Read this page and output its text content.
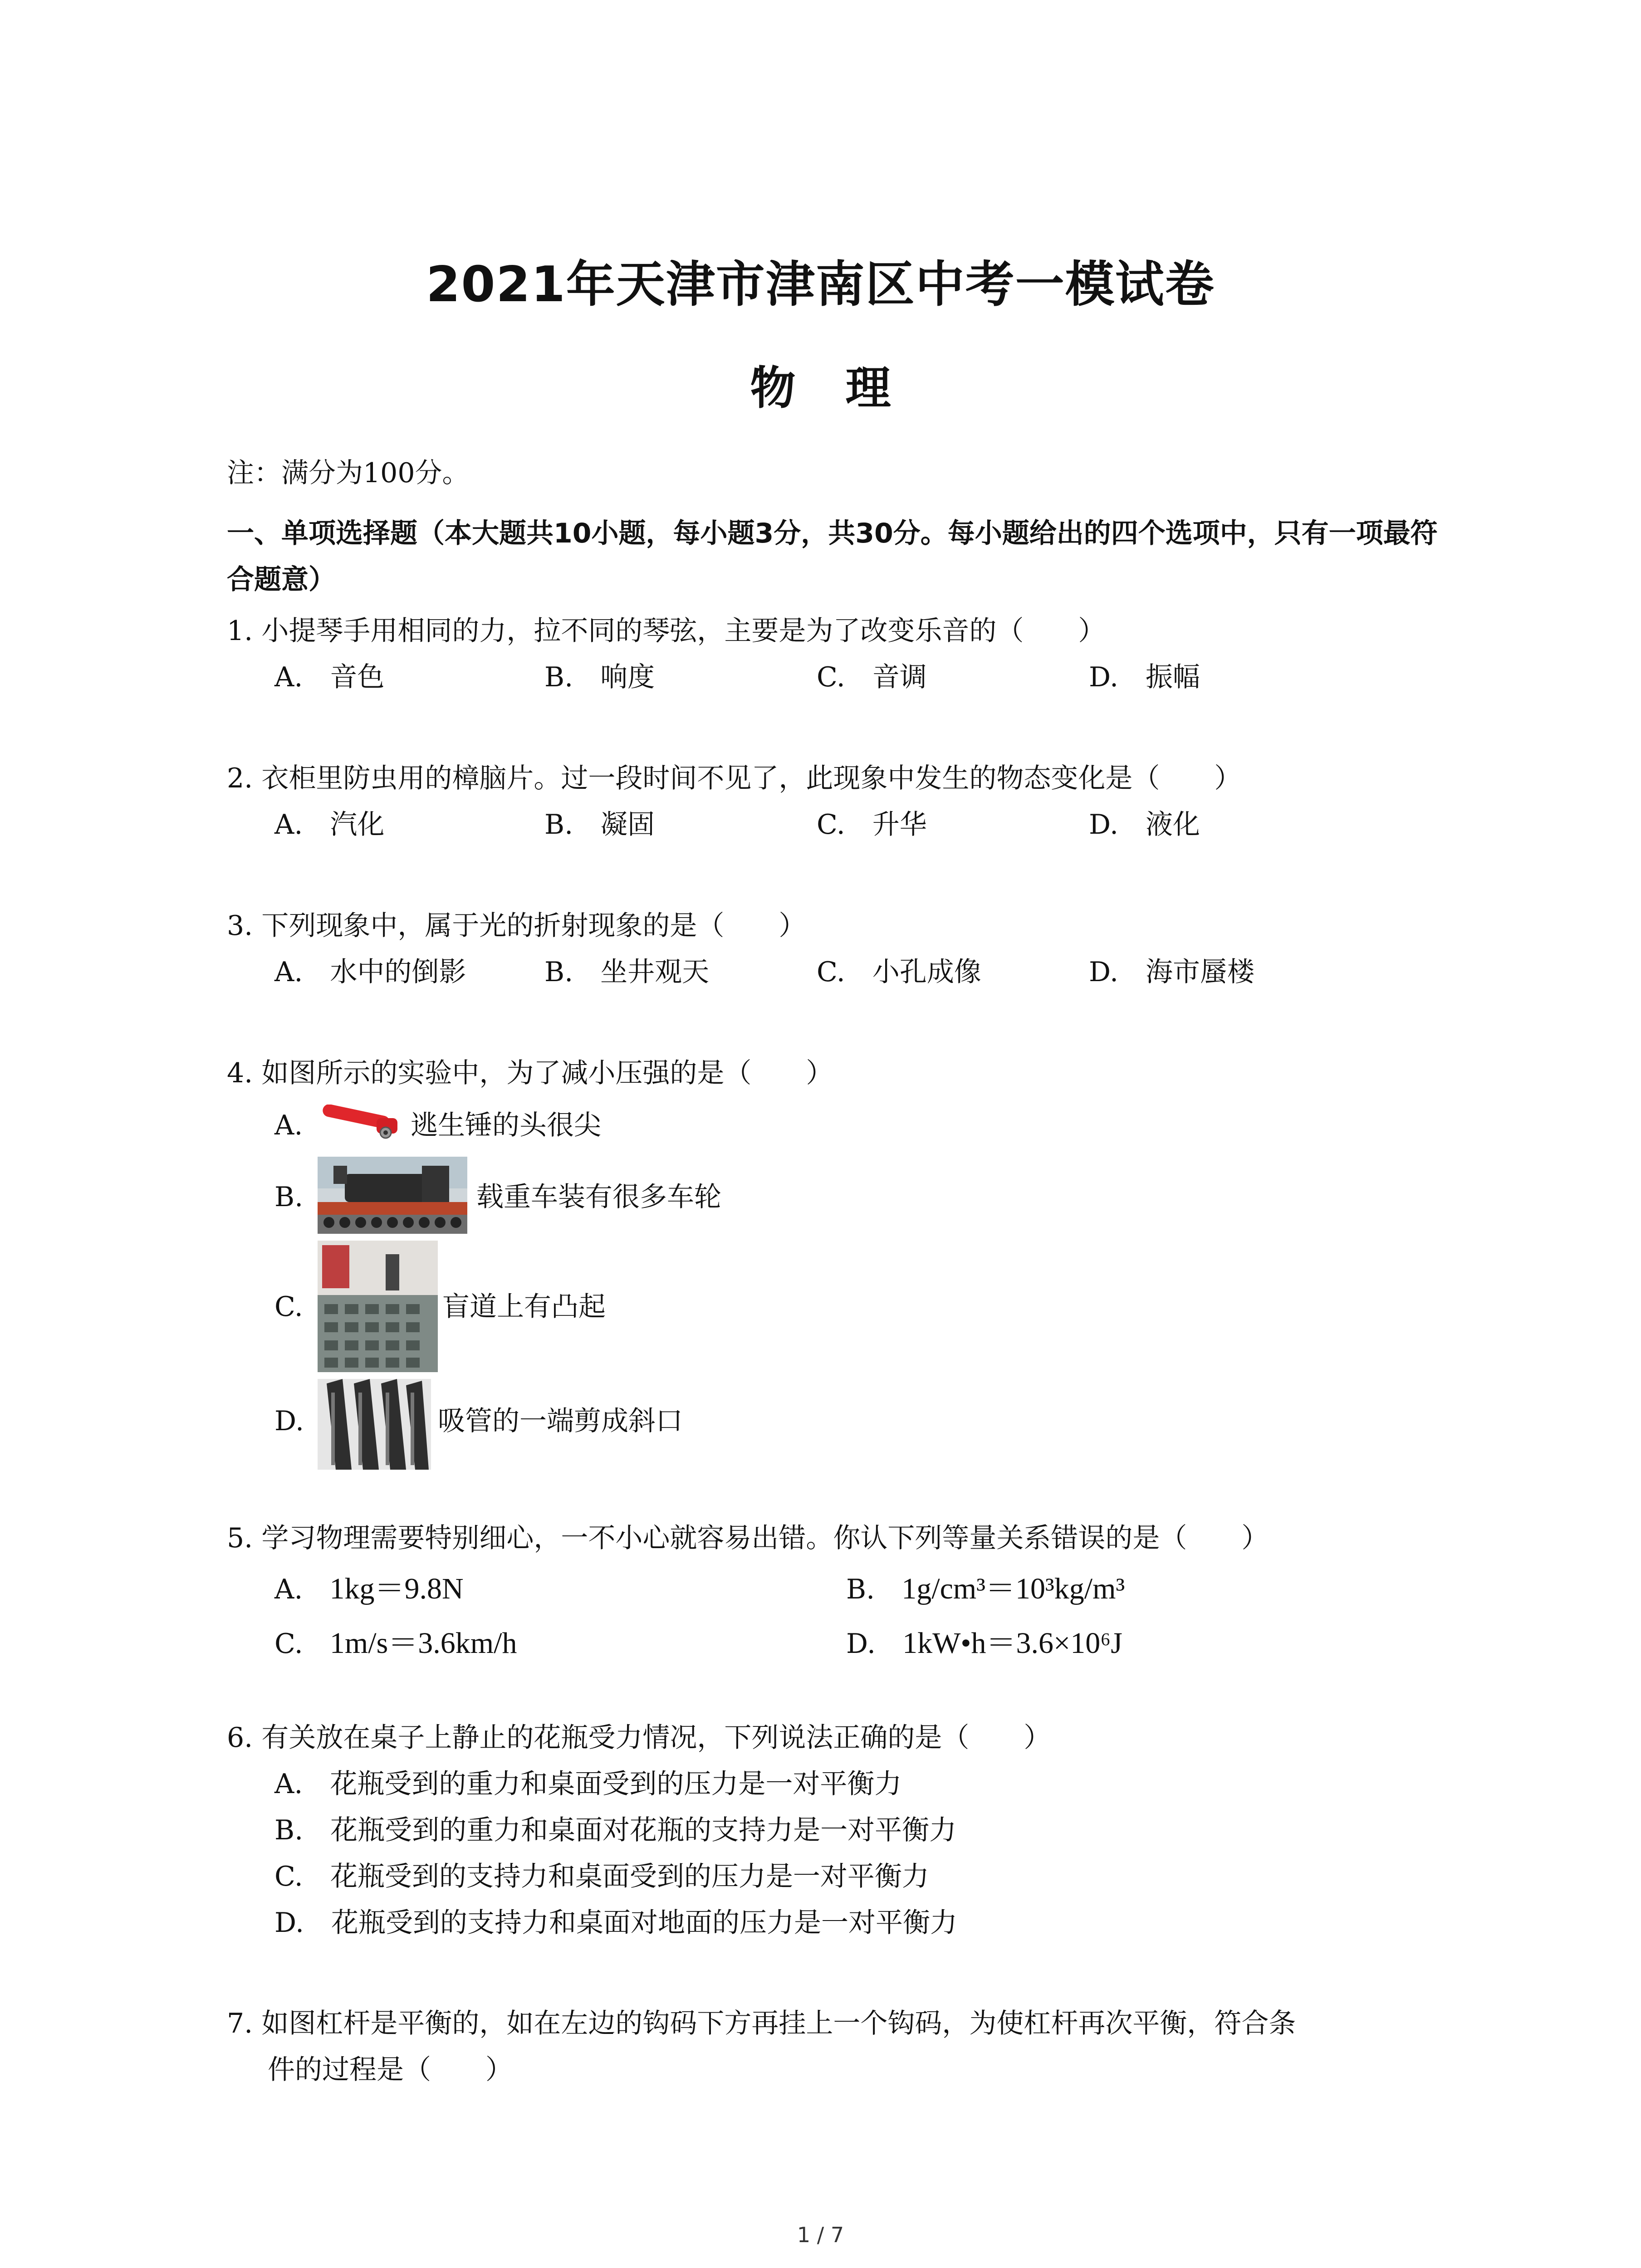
2021年天津市津南区中考一模试卷
物理
注：满分为100分。
一、单项选择题（本大题共10小题，每小题3分，共30分。每小题给出的四个选项中，只有一项最符合题意）
1. 小提琴手用相同的力，拉不同的琴弦，主要是为了改变乐音的（　　）
A.　音色	B.　响度	C.　音调	D.　振幅
2. 衣柜里防虫用的樟脑片。过一段时间不见了，此现象中发生的物态变化是（　　）
A.　汽化	B.　凝固	C.　升华	D.　液化
3. 下列现象中，属于光的折射现象的是（　　）
A.　水中的倒影	B.　坐井观天	C.　小孔成像	D.　海市蜃楼
4. 如图所示的实验中，为了减小压强的是（　　）
A.	逃生锤的头很尖
B.	载重车装有很多车轮
C.	盲道上有凸起
D.	吸管的一端剪成斜口
5. 学习物理需要特别细心，一不小心就容易出错。你认下列等量关系错误的是（　　）
A. 1kg＝9.8N	B. 1g/cm³＝10³kg/m³
C. 1m/s＝3.6km/h	D. 1kW•h＝3.6×10⁶J
6. 有关放在桌子上静止的花瓶受力情况，下列说法正确的是（　　）
A.　花瓶受到的重力和桌面受到的压力是一对平衡力
B.　花瓶受到的重力和桌面对花瓶的支持力是一对平衡力
C.　花瓶受到的支持力和桌面受到的压力是一对平衡力
D.　花瓶受到的支持力和桌面对地面的压力是一对平衡力
7. 如图杠杆是平衡的，如在左边的钩码下方再挂上一个钩码，为使杠杆再次平衡，符合条
件的过程是（　　）
1 / 7
